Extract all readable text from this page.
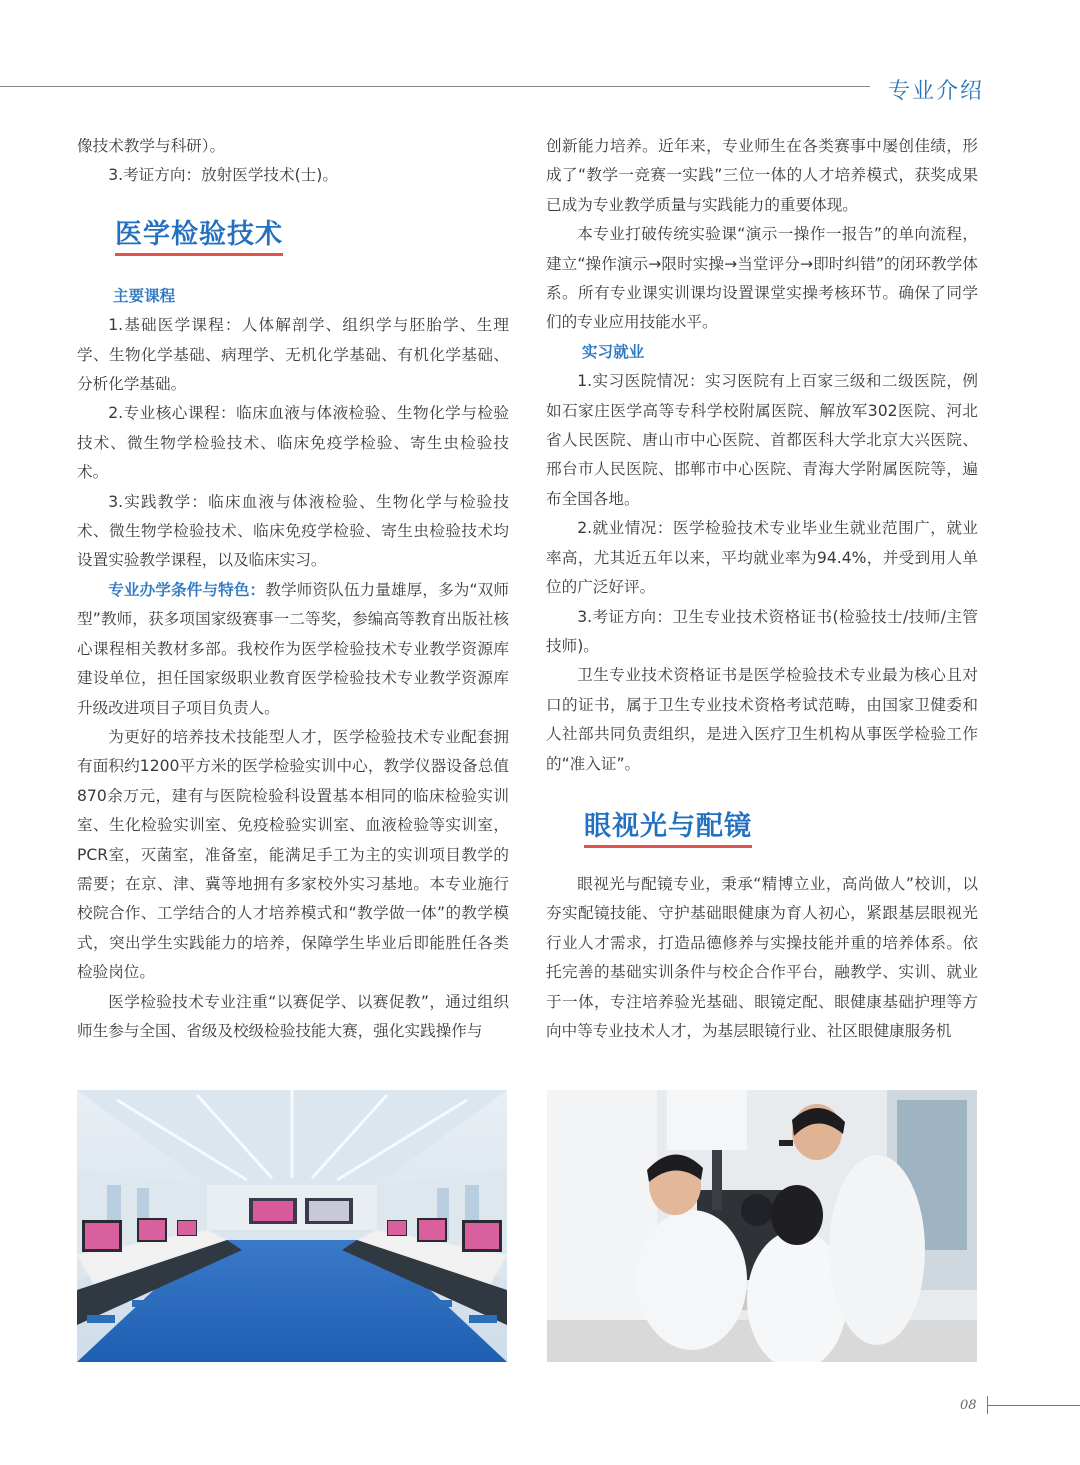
专业介绍

像技术教学与科研）。

3.考证方向：放射医学技术(士)。

医学检验技术

主要课程

1.基础医学课程：人体解剖学、组织学与胚胎学、生理学、生物化学基础、病理学、无机化学基础、有机化学基础、分析化学基础。

2.专业核心课程：临床血液与体液检验、生物化学与检验技术、微生物学检验技术、临床免疫学检验、寄生虫检验技术。

3.实践教学：临床血液与体液检验、生物化学与检验技术、微生物学检验技术、临床免疫学检验、寄生虫检验技术均设置实验教学课程，以及临床实习。

专业办学条件与特色：教学师资队伍力量雄厚，多为“双师型”教师，获多项国家级赛事一二等奖，参编高等教育出版社核心课程相关教材多部。我校作为医学检验技术专业教学资源库建设单位，担任国家级职业教育医学检验技术专业教学资源库升级改进项目子项目负责人。

为更好的培养技术技能型人才，医学检验技术专业配套拥有面积约1200平方米的医学检验实训中心，教学仪器设备总值870余万元，建有与医院检验科设置基本相同的临床检验实训室、生化检验实训室、免疫检验实训室、血液检验等实训室，PCR室，灭菌室，准备室，能满足手工为主的实训项目教学的需要；在京、津、冀等地拥有多家校外实习基地。本专业施行校院合作、工学结合的人才培养模式和“教学做一体”的教学模式，突出学生实践能力的培养，保障学生毕业后即能胜任各类检验岗位。

医学检验技术专业注重“以赛促学、以赛促教”，通过组织师生参与全国、省级及校级检验技能大赛，强化实践操作与

创新能力培养。近年来，专业师生在各类赛事中屡创佳绩，形成了“教学一竞赛一实践”三位一体的人才培养模式，获奖成果已成为专业教学质量与实践能力的重要体现。

本专业打破传统实验课“演示一操作一报告”的单向流程，建立“操作演示→限时实操→当堂评分→即时纠错”的闭环教学体系。所有专业课实训课均设置课堂实操考核环节。确保了同学们的专业应用技能水平。

实习就业

1.实习医院情况：实习医院有上百家三级和二级医院，例如石家庄医学高等专科学校附属医院、解放军302医院、河北省人民医院、唐山市中心医院、首都医科大学北京大兴医院、邢台市人民医院、邯郸市中心医院、青海大学附属医院等，遍布全国各地。

2.就业情况：医学检验技术专业毕业生就业范围广，就业率高，尤其近五年以来，平均就业率为94.4%，并受到用人单位的广泛好评。

3.考证方向：卫生专业技术资格证书(检验技士/技师/主管技师)。

卫生专业技术资格证书是医学检验技术专业最为核心且对口的证书，属于卫生专业技术资格考试范畴，由国家卫健委和人社部共同负责组织，是进入医疗卫生机构从事医学检验工作的“准入证”。

眼视光与配镜

眼视光与配镜专业，秉承“精博立业，高尚做人”校训，以夯实配镜技能、守护基础眼健康为育人初心，紧跟基层眼视光行业人才需求，打造品德修养与实操技能并重的培养体系。依托完善的基础实训条件与校企合作平台，融教学、实训、就业于一体，专注培养验光基础、眼镜定配、眼健康基础护理等方向中等专业技术人才，为基层眼镜行业、社区眼健康服务机

08
